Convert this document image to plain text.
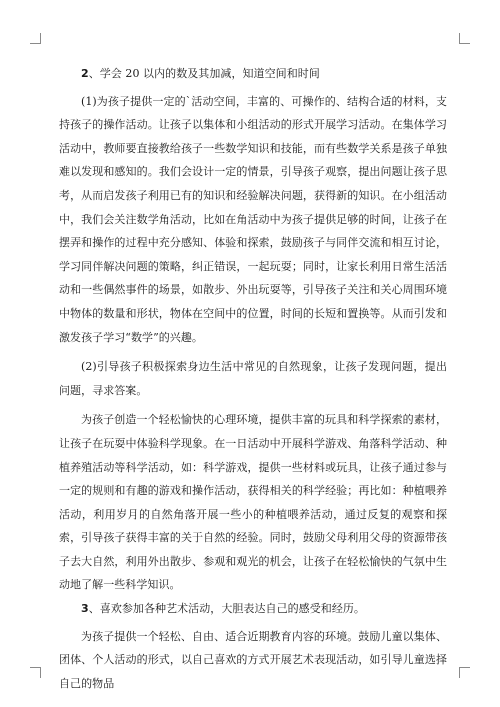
2、学会 20 以内的数及其加减，知道空间和时间

(1)为孩子提供一定的`活动空间，丰富的、可操作的、结构合适的材料，支持孩子的操作活动。让孩子以集体和小组活动的形式开展学习活动。在集体学习活动中，教师要直接教给孩子一些数学知识和技能，而有些数学关系是孩子单独难以发现和感知的。我们会设计一定的情景，引导孩子观察，提出问题让孩子思考，从而启发孩子利用已有的知识和经验解决问题，获得新的知识。在小组活动中，我们会关注数学角活动，比如在角活动中为孩子提供足够的时间，让孩子在摆弄和操作的过程中充分感知、体验和探索，鼓励孩子与同伴交流和相互讨论，学习同伴解决问题的策略，纠正错误，一起玩耍；同时，让家长利用日常生活活动和一些偶然事件的场景，如散步、外出玩耍等，引导孩子关注和关心周围环境中物体的数量和形状，物体在空间中的位置，时间的长短和置换等。从而引发和激发孩子学习“数学”的兴趣。

(2)引导孩子积极探索身边生活中常见的自然现象，让孩子发现问题，提出问题，寻求答案。

为孩子创造一个轻松愉快的心理环境，提供丰富的玩具和科学探索的素材，让孩子在玩耍中体验科学现象。在一日活动中开展科学游戏、角落科学活动、种植养殖活动等科学活动，如：科学游戏，提供一些材料或玩具，让孩子通过参与一定的规则和有趣的游戏和操作活动，获得相关的科学经验；再比如：种植喂养活动，利用岁月的自然角落开展一些小的种植喂养活动，通过反复的观察和探索，引导孩子获得丰富的关于自然的经验。同时，鼓励父母利用父母的资源带孩子去大自然，利用外出散步、参观和观光的机会，让孩子在轻松愉快的气氛中生动地了解一些科学知识。

3、喜欢参加各种艺术活动，大胆表达自己的感受和经历。

为孩子提供一个轻松、自由、适合近期教育内容的环境。鼓励儿童以集体、团体、个人活动的形式，以自己喜欢的方式开展艺术表现活动，如引导儿童选择自己的物品
